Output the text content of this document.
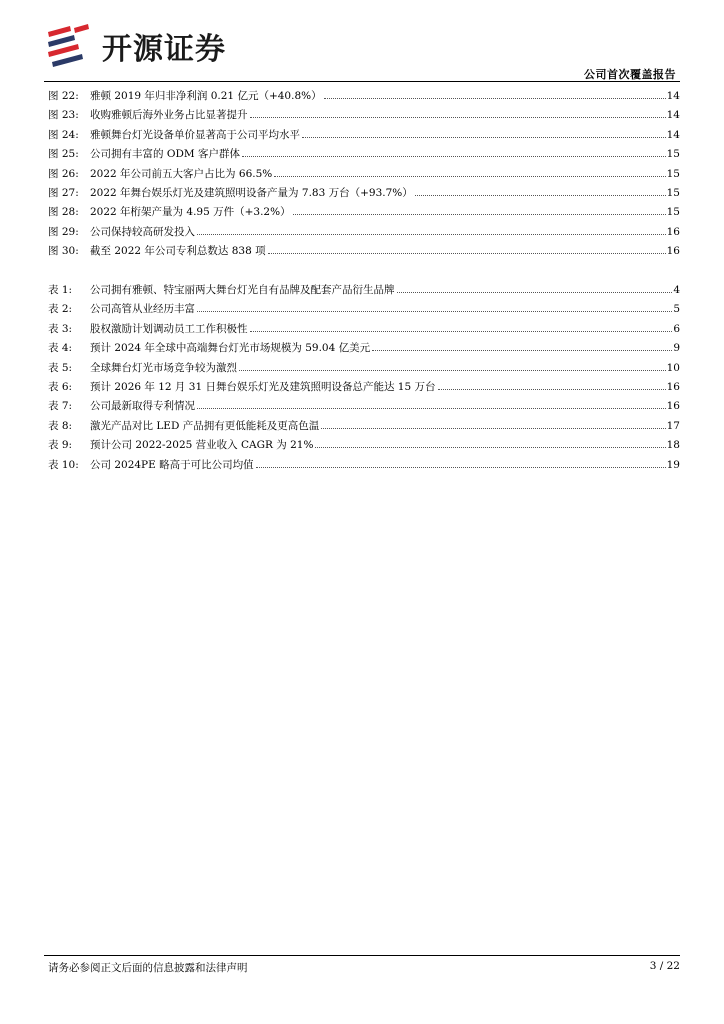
开源证券
公司首次覆盖报告
图 22:	雅顿 2019 年归非净利润 0.21 亿元（+40.8%）	14
图 23:	收购雅顿后海外业务占比显著提升	14
图 24:	雅顿舞台灯光设备单价显著高于公司平均水平	14
图 25:	公司拥有丰富的 ODM 客户群体	15
图 26:	2022 年公司前五大客户占比为 66.5%	15
图 27:	2022 年舞台娱乐灯光及建筑照明设备产量为 7.83 万台（+93.7%）	15
图 28:	2022 年桁架产量为 4.95 万件（+3.2%）	15
图 29:	公司保持较高研发投入	16
图 30:	截至 2022 年公司专利总数达 838 项	16
表 1:	公司拥有雅顿、特宝丽两大舞台灯光自有品牌及配套产品衍生品牌	4
表 2:	公司高管从业经历丰富	5
表 3:	股权激励计划调动员工工作积极性	6
表 4:	预计 2024 年全球中高端舞台灯光市场规模为 59.04 亿美元	9
表 5:	全球舞台灯光市场竞争较为激烈	10
表 6:	预计 2026 年 12 月 31 日舞台娱乐灯光及建筑照明设备总产能达 15 万台	16
表 7:	公司最新取得专利情况	16
表 8:	激光产品对比 LED 产品拥有更低能耗及更高色温	17
表 9:	预计公司 2022-2025 营业收入 CAGR 为 21%	18
表 10:	公司 2024PE 略高于可比公司均值	19
请务必参阅正文后面的信息披露和法律声明	3 / 22
